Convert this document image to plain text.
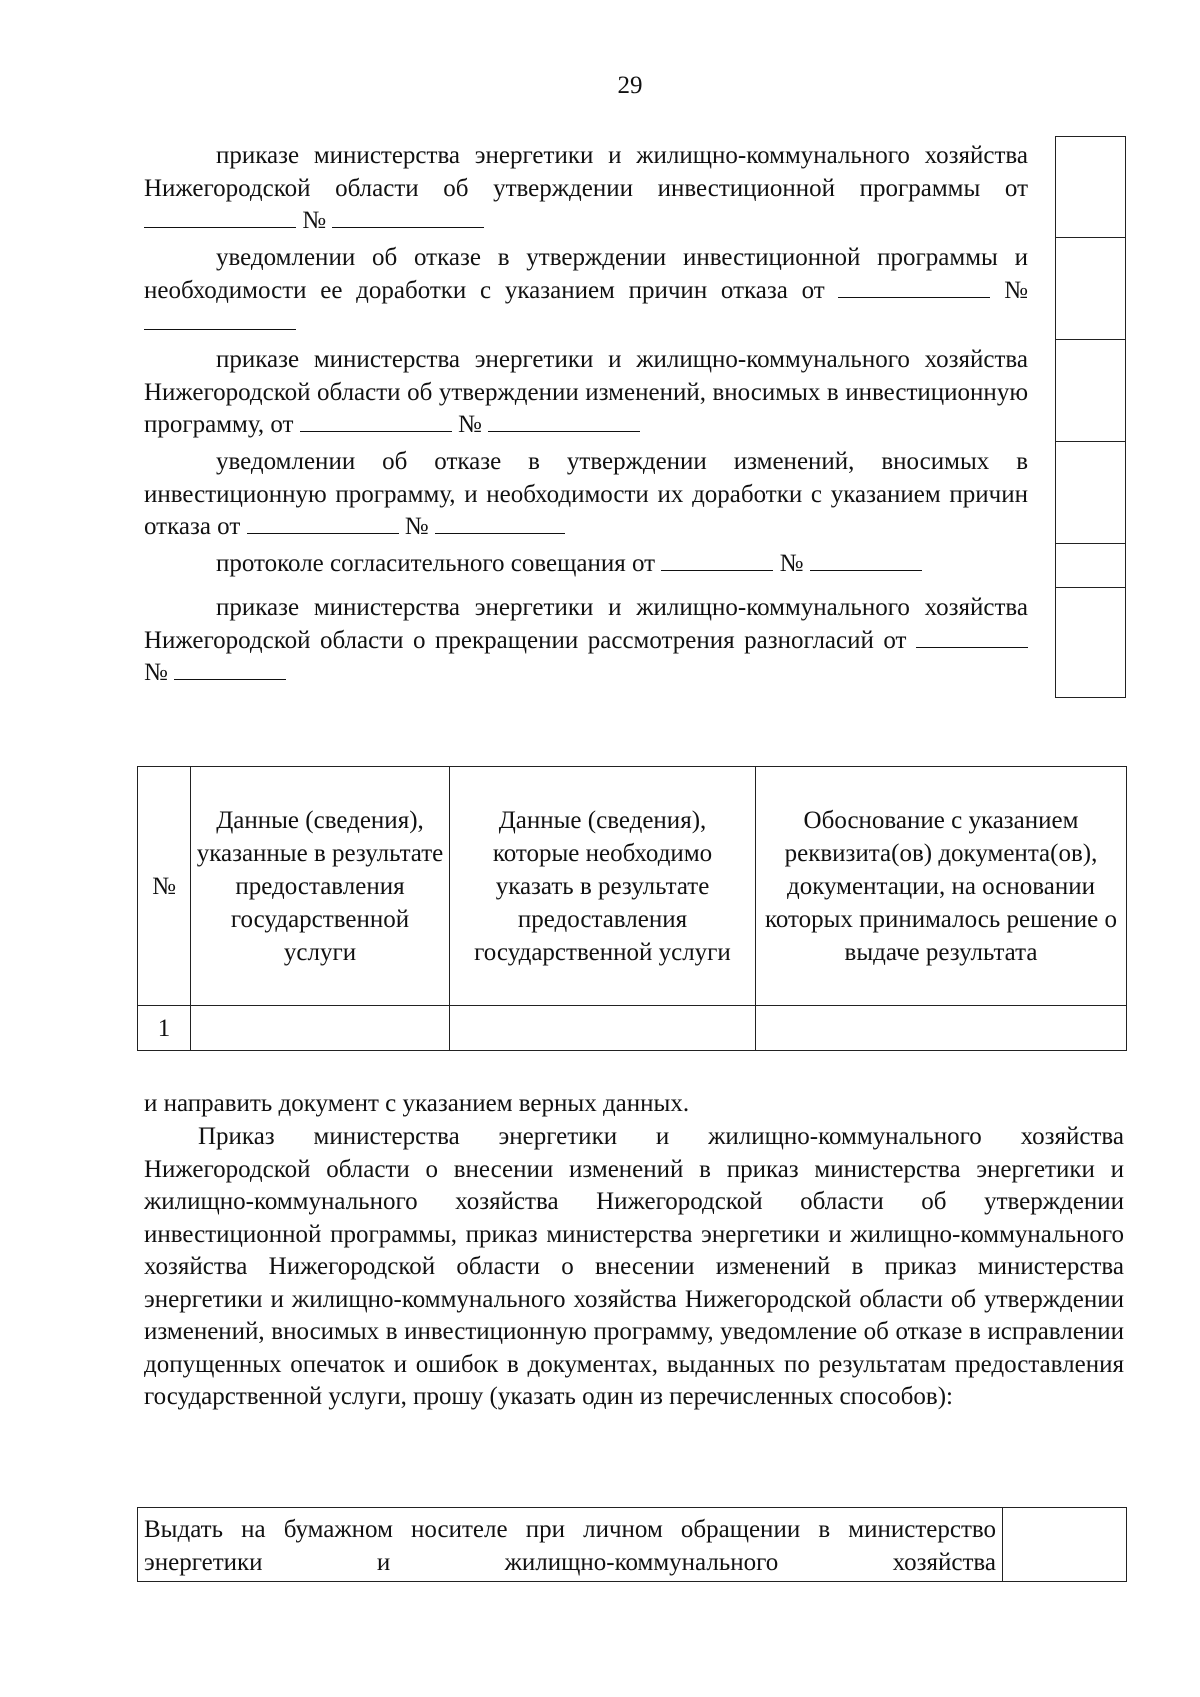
29
приказе министерства энергетики и жилищно-коммунального хозяйства Нижегородской области об утверждении инвестиционной программы от  №
уведомлении об отказе в утверждении инвестиционной программы и необходимости ее доработки с указанием причин отказа от	№
приказе министерства энергетики и жилищно-коммунального хозяйства Нижегородской области об утверждении изменений, вносимых в инвестиционную программу, от	№
уведомлении об отказе в утверждении изменений, вносимых в инвестиционную программу, и необходимости их доработки с указанием причин отказа от	№
протоколе согласительного совещания от	№
приказе министерства энергетики и жилищно-коммунального хозяйства Нижегородской области о прекращении рассмотрения разногласий от  №
№	Данные (сведения), указанные в результате предоставления государственной услуги	Данные (сведения), которые необходимо указать в результате предоставления государственной услуги	Обоснование с указанием реквизита(ов) документа(ов), документации, на основании которых принималось решение о выдаче результата
1			
и направить документ с указанием верных данных.
Приказ министерства энергетики и жилищно-коммунального хозяйства Нижегородской области о внесении изменений в приказ министерства энергетики и жилищно-коммунального хозяйства Нижегородской области об утверждении инвестиционной программы, приказ министерства энергетики и жилищно-коммунального хозяйства Нижегородской области о внесении изменений в приказ министерства энергетики и жилищно-коммунального хозяйства Нижегородской области об утверждении изменений, вносимых в инвестиционную программу, уведомление об отказе в исправлении допущенных опечаток и ошибок в документах, выданных по результатам предоставления государственной услуги, прошу (указать один из перечисленных способов):
Выдать на бумажном носителе при личном обращении в министерство энергетики и жилищно-коммунального хозяйства	
